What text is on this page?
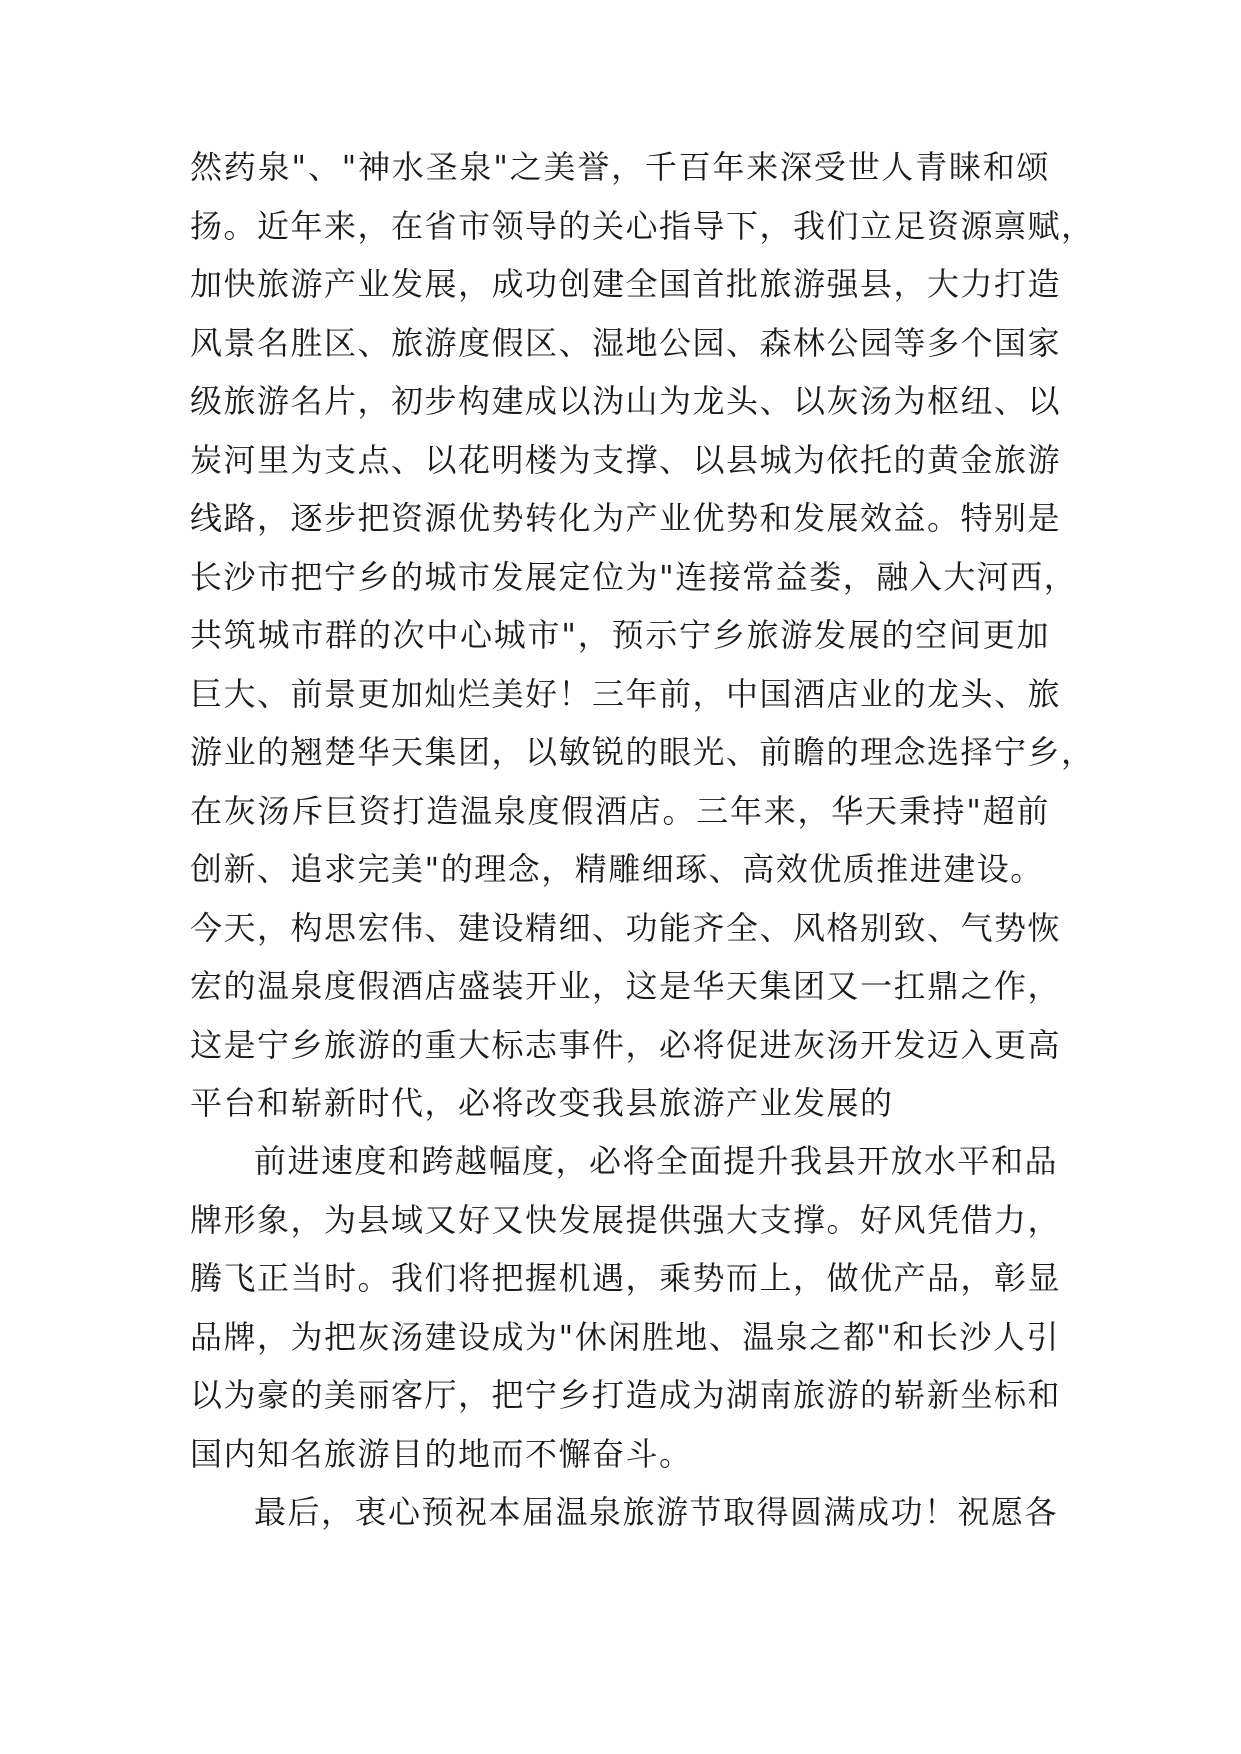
然药泉"、"神水圣泉"之美誉，千百年来深受世人青睐和颂
扬。近年来，在省市领导的关心指导下，我们立足资源禀赋，
加快旅游产业发展，成功创建全国首批旅游强县，大力打造
风景名胜区、旅游度假区、湿地公园、森林公园等多个国家
级旅游名片，初步构建成以沩山为龙头、以灰汤为枢纽、以
炭河里为支点、以花明楼为支撑、以县城为依托的黄金旅游
线路，逐步把资源优势转化为产业优势和发展效益。特别是
长沙市把宁乡的城市发展定位为"连接常益娄，融入大河西，
共筑城市群的次中心城市"，预示宁乡旅游发展的空间更加
巨大、前景更加灿烂美好！三年前，中国酒店业的龙头、旅
游业的翘楚华天集团，以敏锐的眼光、前瞻的理念选择宁乡，
在灰汤斥巨资打造温泉度假酒店。三年来，华天秉持"超前
创新、追求完美"的理念，精雕细琢、高效优质推进建设。
今天，构思宏伟、建设精细、功能齐全、风格别致、气势恢
宏的温泉度假酒店盛装开业，这是华天集团又一扛鼎之作，
这是宁乡旅游的重大标志事件，必将促进灰汤开发迈入更高
平台和崭新时代，必将改变我县旅游产业发展的
前进速度和跨越幅度，必将全面提升我县开放水平和品
牌形象，为县域又好又快发展提供强大支撑。好风凭借力，
腾飞正当时。我们将把握机遇，乘势而上，做优产品，彰显
品牌，为把灰汤建设成为"休闲胜地、温泉之都"和长沙人引
以为豪的美丽客厅，把宁乡打造成为湖南旅游的崭新坐标和
国内知名旅游目的地而不懈奋斗。
最后，衷心预祝本届温泉旅游节取得圆满成功！祝愿各
